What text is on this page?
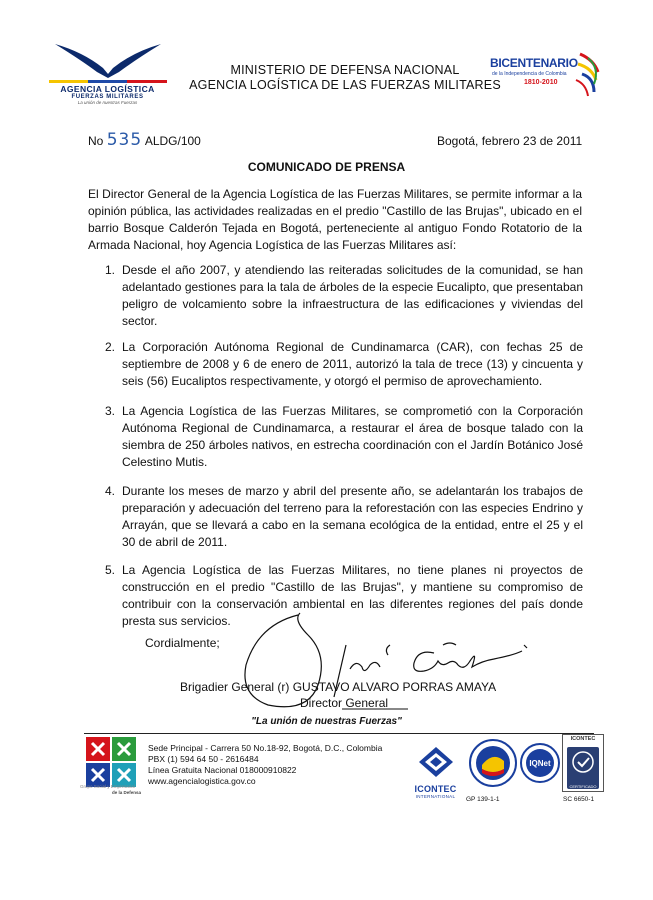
AGENCIA LOGÍSTICA
FUERZAS MILITARES
La unión de nuestras Fuerzas
MINISTERIO DE DEFENSA NACIONAL
AGENCIA LOGÍSTICA DE LAS FUERZAS MILITARES
BICENTENARIO
de la Independencia de Colombia
1810-2010
No 535 ALDG/100	Bogotá, febrero 23 de 2011
COMUNICADO DE PRENSA
El Director General de la Agencia Logística de las Fuerzas Militares, se permite informar a la opinión pública, las actividades realizadas en el predio "Castillo de las Brujas", ubicado en el barrio Bosque Calderón Tejada en Bogotá, perteneciente al antiguo Fondo Rotatorio de la Armada Nacional, hoy Agencia Logística de las Fuerzas Militares así:
1. Desde el año 2007, y atendiendo las reiteradas solicitudes de la comunidad, se han adelantado gestiones para la tala de árboles de la especie Eucalipto, que presentaban peligro de volcamiento sobre la infraestructura de las edificaciones y viviendas del sector.
2. La Corporación Autónoma Regional de Cundinamarca (CAR), con fechas 25 de septiembre de 2008 y 6 de enero de 2011, autorizó la tala de trece (13) y cincuenta y seis (56) Eucaliptos respectivamente, y otorgó el permiso de aprovechamiento.
3. La Agencia Logística de las Fuerzas Militares, se comprometió con la Corporación Autónoma Regional de Cundinamarca, a restaurar el área de bosque talado con la siembra de 250 árboles nativos, en estrecha coordinación con el Jardín Botánico José Celestino Mutis.
4. Durante los meses de marzo y abril del presente año, se adelantarán los trabajos de preparación y adecuación del terreno para la reforestación con las especies Endrino y Arrayán, que se llevará a cabo en la semana ecológica de la entidad, entre el 25 y el 30 de abril de 2011.
5. La Agencia Logística de las Fuerzas Militares, no tiene planes ni proyectos de construcción en el predio "Castillo de las Brujas", y mantiene su compromiso de contribuir con la conservación ambiental en las diferentes regiones del país donde presta sus servicios.
Cordialmente;
Brigadier General (r) GUSTAVO ALVARO PORRAS AMAYA
Director General
"La unión de nuestras Fuerzas"
Grupo Social y Empresarial
de la Defensa
Sede Principal - Carrera 50 No.18-92, Bogotá, D.C., Colombia
PBX (1) 594 64 50 - 2616484
Línea Gratuita Nacional 018000910822
www.agencialogistica.gov.co
ICONTEC
INTERNATIONAL
IQNet
ICONTEC
CERTIFICADO
GP 139-1-1	SC 6650-1
